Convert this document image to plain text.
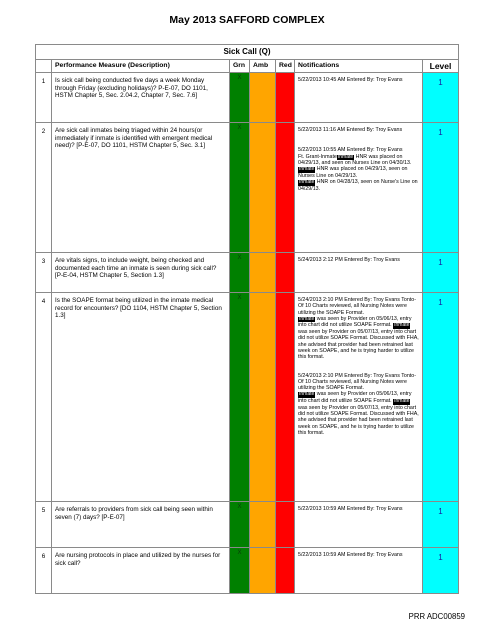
May 2013 SAFFORD COMPLEX
Sick Call (Q)						
	Performance Measure (Description)	Grn	Amb	Red	Notifications	Level
1	Is sick call being conducted five days a week Monday through Friday (excluding holidays)? P-E-07, DO 1101, HSTM Chapter 5, Sec. 2.04.2, Chapter 7, Sec. 7.6]	X			5/22/2013 10:45 AM Entered By: Troy Evans	1
2	Are sick call inmates being triaged within 24 hours(or immediately if inmate is identified with emergent medical need)? [P-E-07, DO 1101, HSTM Chapter 5, Sec. 3.1]	X			5/22/2013 11:16 AM Entered By: Troy Evans

5/22/2013 10:55 AM Entered By: Troy Evans
Ft. Grant-InmateInmate HNR was placed on 04/29/13, and seen on Nurses Line on 04/30/13.
Inmate HNR was placed on 04/29/13, seen on Nurses Line on 04/29/13.
Inmate HNR on 04/28/13, seen on Nurse's Line on 04/29/13.	1
3	Are vitals signs, to include weight, being checked and documented each time an inmate is seen during sick call? [P-E-04, HSTM Chapter 5, Section 1.3]	X			5/24/2013 2:12 PM Entered By: Troy Evans	1
4	Is the SOAPE format being utilized in the inmate medical record for encounters? [DO 1104, HSTM Chapter 5, Section 1.3]	X			5/24/2013 2:10 PM Entered By: Troy Evans Tonto- Of 10 Charts reviewed, all Nursing Notes were utilizing the SOAPE Format.
Inmate was seen by Provider on 05/06/13, entry into chart did not utilize SOAPE Format. Inmate was seen by Provider on 05/07/13, entry into chart did not utilize SOAPE Format. Discussed with FHA, she advised that provider had been retrained last week on SOAPE, and he is trying harder to utilize this format.

5/24/2013 2:10 PM Entered By: Troy Evans Tonto- Of 10 Charts reviewed, all Nursing Notes were utilizing the SOAPE Format.
Inmate was seen by Provider on 05/06/13, entry into chart did not utilize SOAPE Format. Inmate was seen by Provider on 05/07/13, entry into chart did not utilize SOAPE Format. Discussed with FHA, she advised that provider had been retrained last week on SOAPE, and he is trying harder to utilize this format.	1
5	Are referrals to providers from sick call being seen within seven (7) days? [P-E-07]	X			5/22/2013 10:59 AM Entered By: Troy Evans	1
6	Are nursing protocols in place and utilized by the nurses for sick call?	X			5/22/2013 10:59 AM Entered By: Troy Evans	1
PRR ADC00859
